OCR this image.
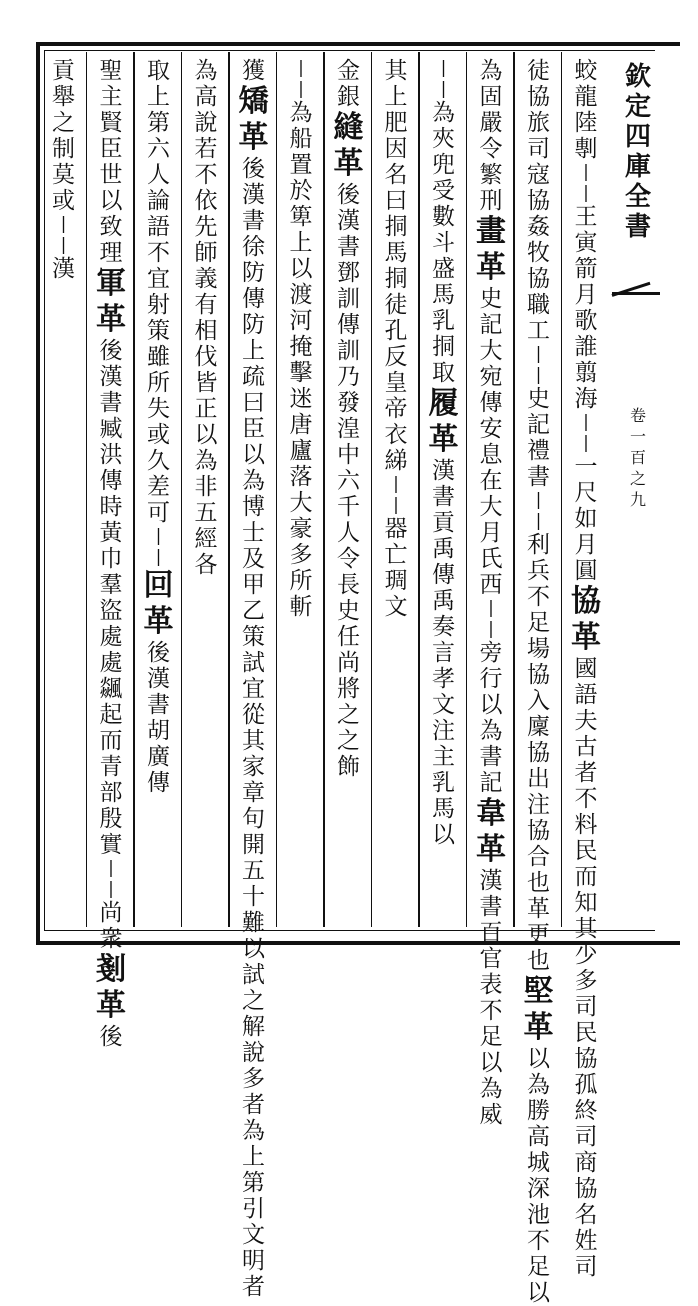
欽
定
四
庫
全
書
卷
一
百
之
九
蛟
龍
陸
剸
|
|
王
寅
箭
月
歌
誰
翦
海
|
|
一
尺
如
月
圓
協
革
國
語
夫
古
者
不
料
民
而
知
其
少
多
司
民
協
孤
終
司
商
協
名
姓
司
徒
協
旅
司
寇
協
姦
牧
協
職
工
|
|
史
記
禮
書
|
|
利
兵
不
足
場
協
入
廩
協
出
注
協
合
也
革
更
也
堅
革
以
為
勝
高
城
深
池
不
足
以
為
固
嚴
令
繁
刑
畫
革
史
記
大
宛
傳
安
息
在
大
月
氏
西
|
|
旁
行
以
為
書
記
韋
革
漢
書
百
官
表
不
足
以
為
威
|
|
為
夾
兜
受
數
斗
盛
馬
乳
挏
取
履
革
漢
書
貢
禹
傳
禹
奏
言
孝
文
注
主
乳
馬
以
其
上
肥
因
名
曰
挏
馬
挏
徒
孔
反
皇
帝
衣
綈
|
|
器
亡
琱
文
金
銀
縫
革
後
漢
書
鄧
訓
傳
訓
乃
發
湟
中
六
千
人
令
長
史
任
尚
將
之
之
飾
|
|
為
船
置
於
箄
上
以
渡
河
掩
擊
迷
唐
廬
落
大
豪
多
所
斬
獲
矯
革
後
漢
書
徐
防
傳
防
上
疏
曰
臣
以
為
博
士
及
甲
乙
策
試
宜
從
其
家
章
句
開
五
十
難
以
試
之
解
說
多
者
為
上
第
引
文
明
者
為
高
說
若
不
依
先
師
義
有
相
伐
皆
正
以
為
非
五
經
各
取
上
第
六
人
論
語
不
宜
射
策
雖
所
失
或
久
差
可
|
|
回
革
後
漢
書
胡
廣
傳
聖
主
賢
臣
世
以
致
理
軍
革
後
漢
書
臧
洪
傳
時
黃
巾
羣
盜
處
處
飊
起
而
青
部
殷
實
|
|
尚
衆
剗
革
後
貢
舉
之
制
莫
或
|
|
漢
